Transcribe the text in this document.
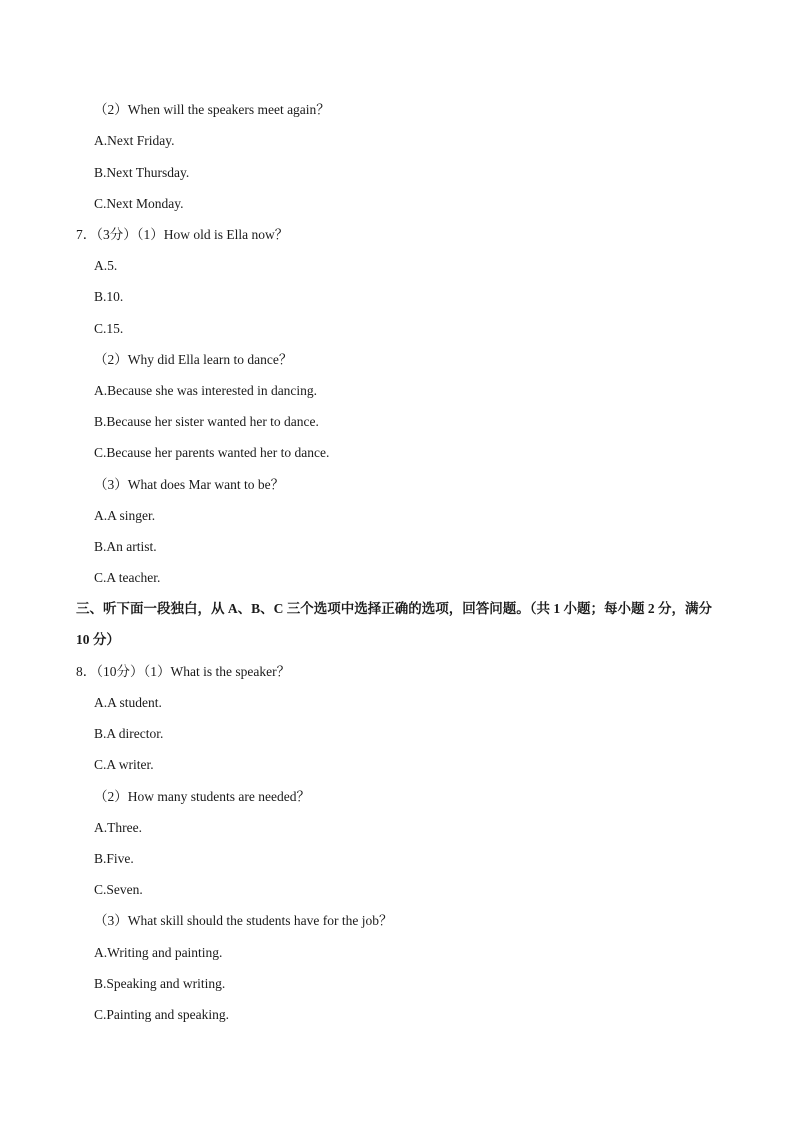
（2）When will the speakers meet again？
A.Next Friday.
B.Next Thursday.
C.Next Monday.
7．（3分）（1）How old is Ella now？
A.5.
B.10.
C.15.
（2）Why did Ella learn to dance？
A.Because she was interested in dancing.
B.Because her sister wanted her to dance.
C.Because her parents wanted her to dance.
（3）What does Mar want to be？
A.A singer.
B.An artist.
C.A teacher.
三、听下面一段独白，从 A、B、C 三个选项中选择正确的选项，回答问题。（共 1 小题；每小题 2 分，满分 10 分）
8．（10分）（1）What is the speaker？
A.A student.
B.A director.
C.A writer.
（2）How many students are needed？
A.Three.
B.Five.
C.Seven.
（3）What skill should the students have for the job？
A.Writing and painting.
B.Speaking and writing.
C.Painting and speaking.
